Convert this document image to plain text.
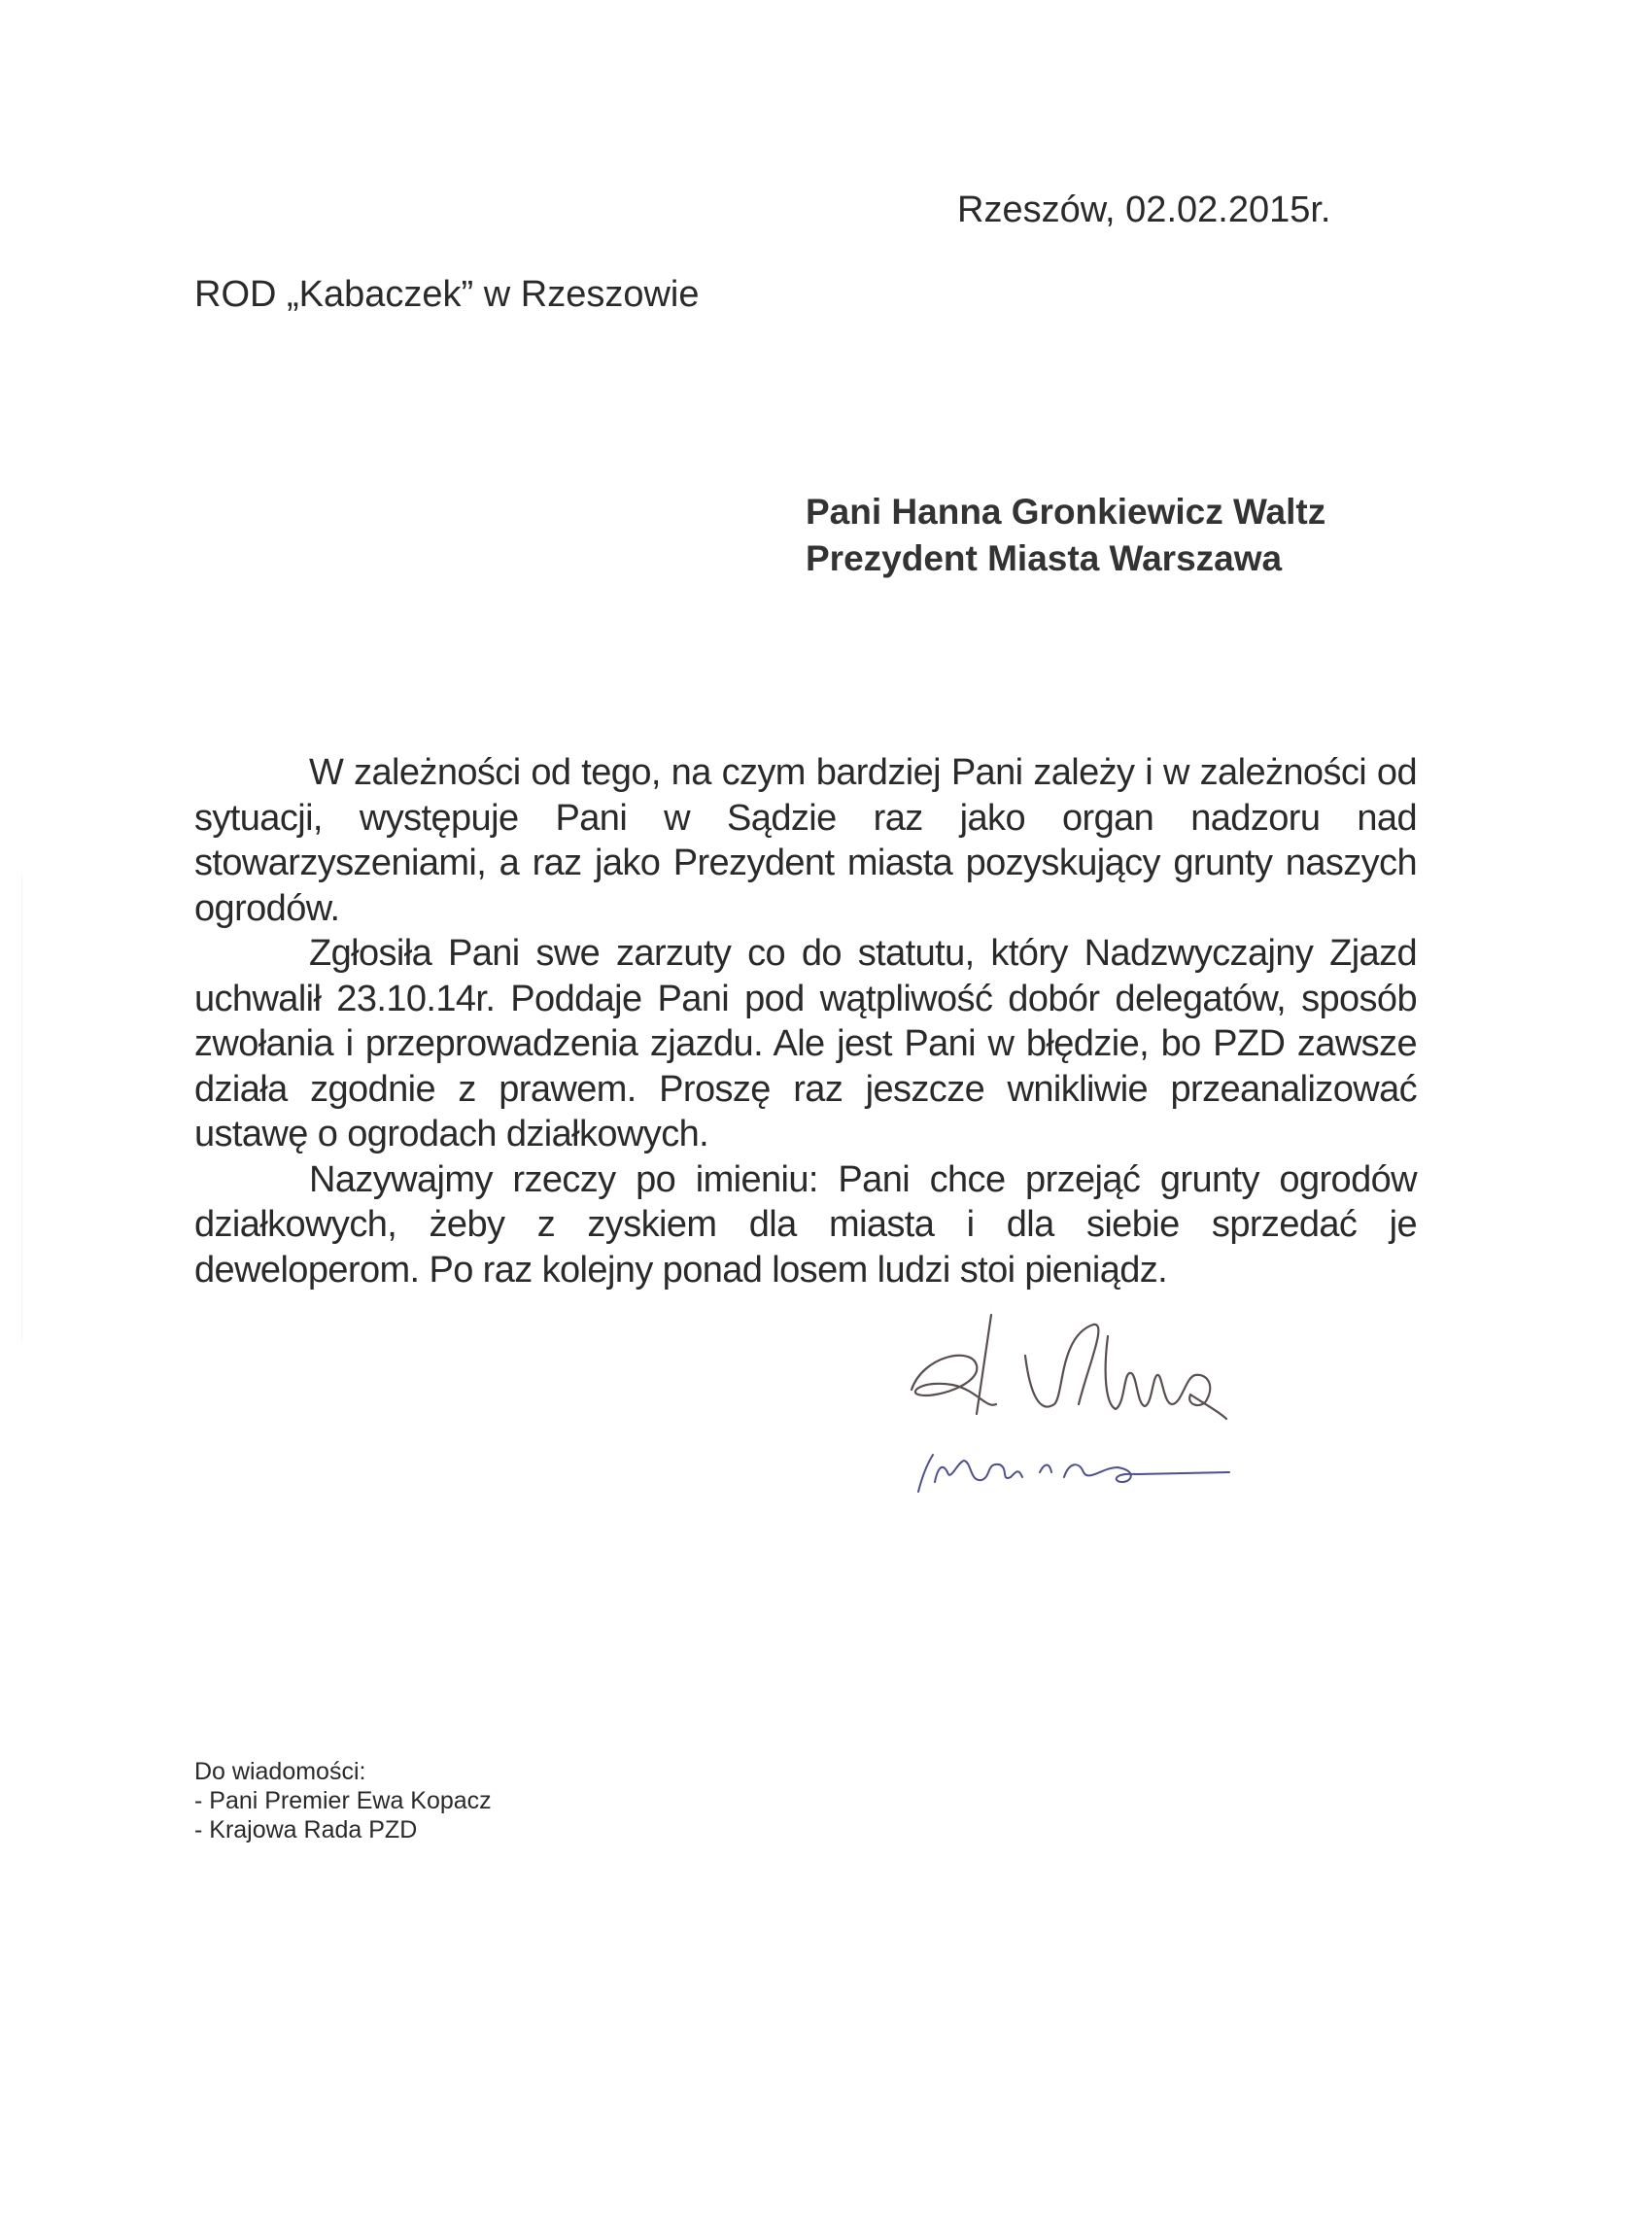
Rzeszów, 02.02.2015r.
ROD „Kabaczek” w Rzeszowie
Pani Hanna Gronkiewicz Waltz
Prezydent Miasta Warszawa

W zależności od tego, na czym bardziej Pani zależy i w zależności od sytuacji, występuje Pani w Sądzie raz jako organ nadzoru nad stowarzyszeniami, a raz jako Prezydent miasta pozyskujący grunty naszych ogrodów.

Zgłosiła Pani swe zarzuty co do statutu, który Nadzwyczajny Zjazd uchwalił 23.10.14r. Poddaje Pani pod wątpliwość dobór delegatów, sposób zwołania i przeprowadzenia zjazdu. Ale jest Pani w błędzie, bo PZD zawsze działa zgodnie z prawem. Proszę raz jeszcze wnikliwie przeanalizować ustawę o ogrodach działkowych.

Nazywajmy rzeczy po imieniu: Pani chce przejąć grunty ogrodów działkowych, żeby z zyskiem dla miasta i dla siebie sprzedać je deweloperom. Po raz kolejny ponad losem ludzi stoi pieniądz.

Do wiadomości:
- Pani Premier Ewa Kopacz
- Krajowa Rada PZD
